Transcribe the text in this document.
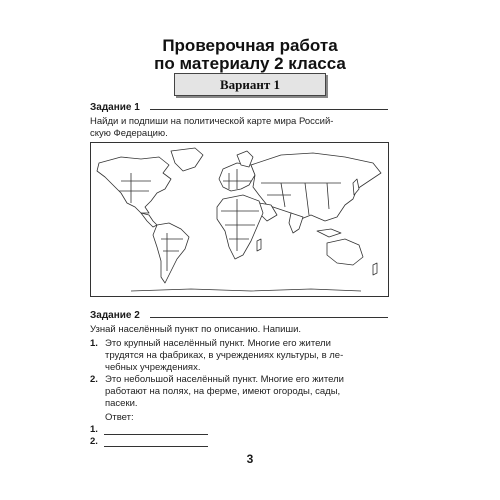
Проверочная работа
по материалу 2 класса
Вариант 1
Задание 1
Найди и подпиши на политической карте мира Россий-
скую Федерацию.
Задание 2
Узнай населённый пункт по описанию. Напиши.
1. Это крупный населённый пункт. Многие его жители
трудятся на фабриках, в учреждениях культуры, в ле-
чебных учреждениях.
2. Это небольшой населённый пункт. Многие его жители
работают на полях, на ферме, имеют огороды, сады,
пасеки.
Ответ:
1.
2.
3
